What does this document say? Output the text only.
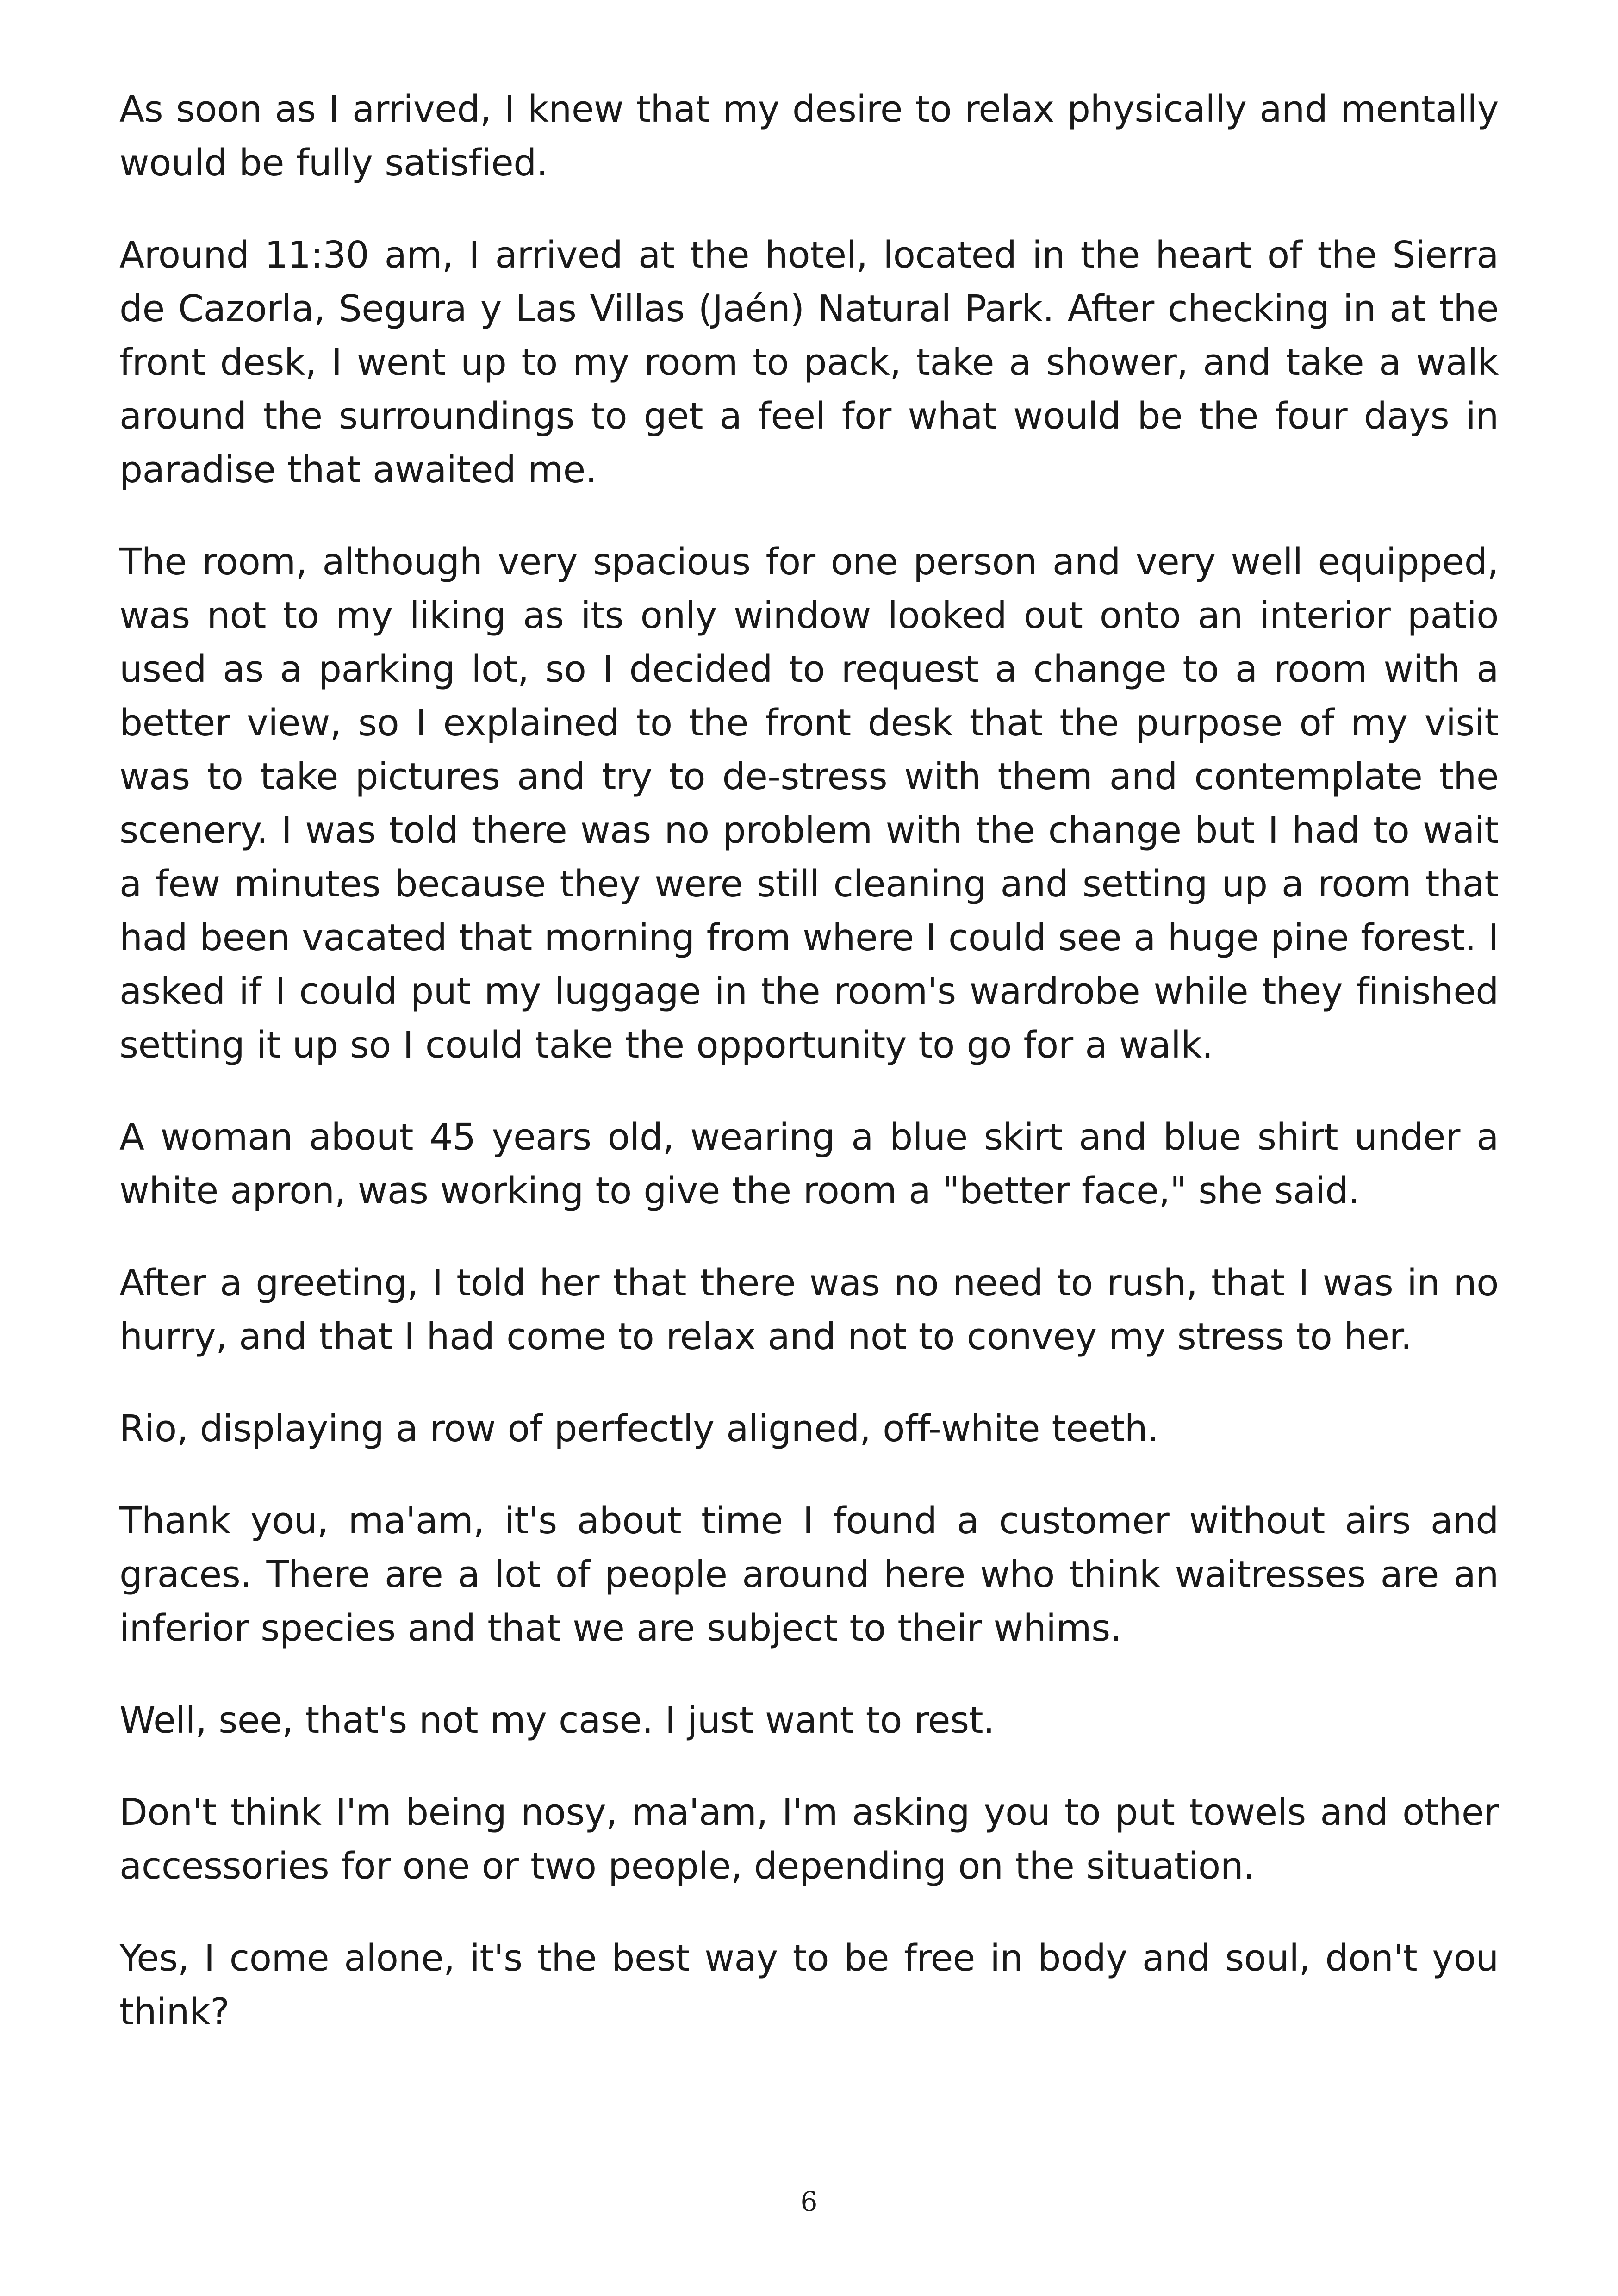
As soon as I arrived, I knew that my desire to relax physically and mentally would be fully satisfied.

Around 11:30 am, I arrived at the hotel, located in the heart of the Sierra de Cazorla, Segura y Las Villas (Jaén) Natural Park. After checking in at the front desk, I went up to my room to pack, take a shower, and take a walk around the surroundings to get a feel for what would be the four days in paradise that awaited me.

The room, although very spacious for one person and very well equipped, was not to my liking as its only window looked out onto an interior patio used as a parking lot, so I decided to request a change to a room with a better view, so I explained to the front desk that the purpose of my visit was to take pictures and try to de-stress with them and contemplate the scenery. I was told there was no problem with the change but I had to wait a few minutes because they were still cleaning and setting up a room that had been vacated that morning from where I could see a huge pine forest. I asked if I could put my luggage in the room's wardrobe while they finished setting it up so I could take the opportunity to go for a walk.

A woman about 45 years old, wearing a blue skirt and blue shirt under a white apron, was working to give the room a "better face," she said.

After a greeting, I told her that there was no need to rush, that I was in no hurry, and that I had come to relax and not to convey my stress to her.

Rio, displaying a row of perfectly aligned, off-white teeth.

Thank you, ma'am, it's about time I found a customer without airs and graces. There are a lot of people around here who think waitresses are an inferior species and that we are subject to their whims.

Well, see, that's not my case. I just want to rest.

Don't think I'm being nosy, ma'am, I'm asking you to put towels and other accessories for one or two people, depending on the situation.

Yes, I come alone, it's the best way to be free in body and soul, don't you think?

6
